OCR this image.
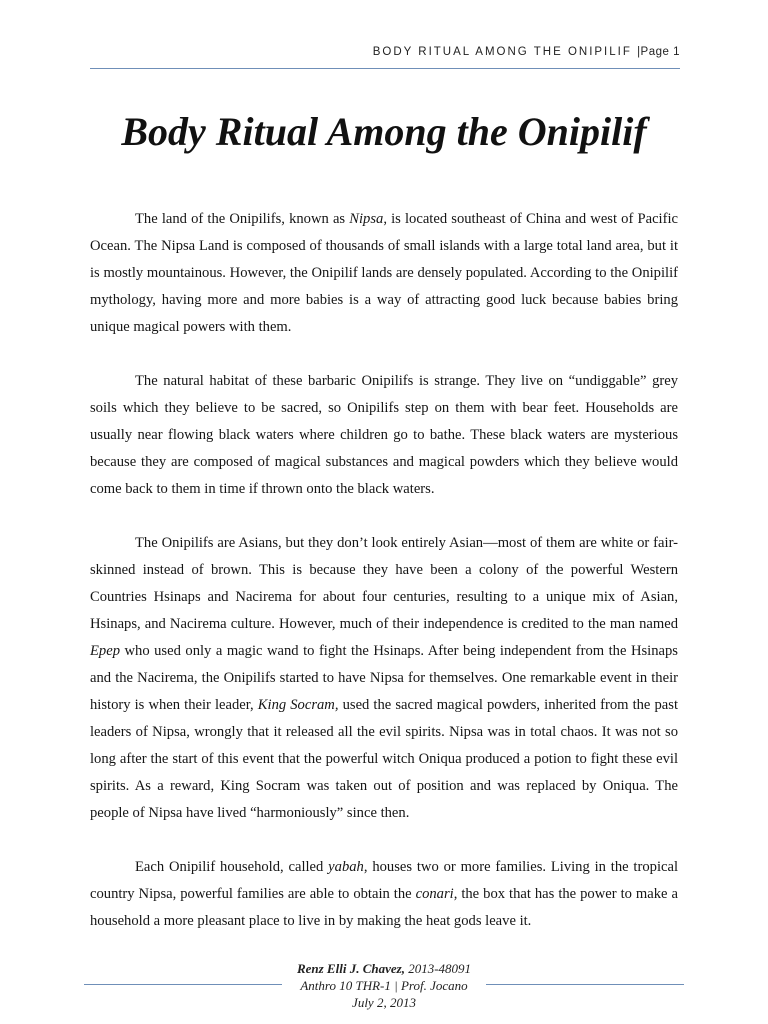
BODY RITUAL AMONG THE ONIPILIF |Page 1
Body Ritual Among the Onipilif

The land of the Onipilifs, known as Nipsa, is located southeast of China and west of Pacific Ocean. The Nipsa Land is composed of thousands of small islands with a large total land area, but it is mostly mountainous. However, the Onipilif lands are densely populated. According to the Onipilif mythology, having more and more babies is a way of attracting good luck because babies bring unique magical powers with them.

The natural habitat of these barbaric Onipilifs is strange. They live on “undiggable” grey soils which they believe to be sacred, so Onipilifs step on them with bear feet. Households are usually near flowing black waters where children go to bathe. These black waters are mysterious because they are composed of magical substances and magical powders which they believe would come back to them in time if thrown onto the black waters.

The Onipilifs are Asians, but they don’t look entirely Asian—most of them are white or fair-skinned instead of brown. This is because they have been a colony of the powerful Western Countries Hsinaps and Nacirema for about four centuries, resulting to a unique mix of Asian, Hsinaps, and Nacirema culture. However, much of their independence is credited to the man named Epep who used only a magic wand to fight the Hsinaps. After being independent from the Hsinaps and the Nacirema, the Onipilifs started to have Nipsa for themselves. One remarkable event in their history is when their leader, King Socram, used the sacred magical powders, inherited from the past leaders of Nipsa, wrongly that it released all the evil spirits. Nipsa was in total chaos. It was not so long after the start of this event that the powerful witch Oniqua produced a potion to fight these evil spirits. As a reward, King Socram was taken out of position and was replaced by Oniqua. The people of Nipsa have lived “harmoniously” since then.

Each Onipilif household, called yabah, houses two or more families. Living in the tropical country Nipsa, powerful families are able to obtain the conari, the box that has the power to make a household a more pleasant place to live in by making the heat gods leave it.

Renz Elli J. Chavez, 2013-48091
Anthro 10 THR-1 | Prof. Jocano
July 2, 2013
